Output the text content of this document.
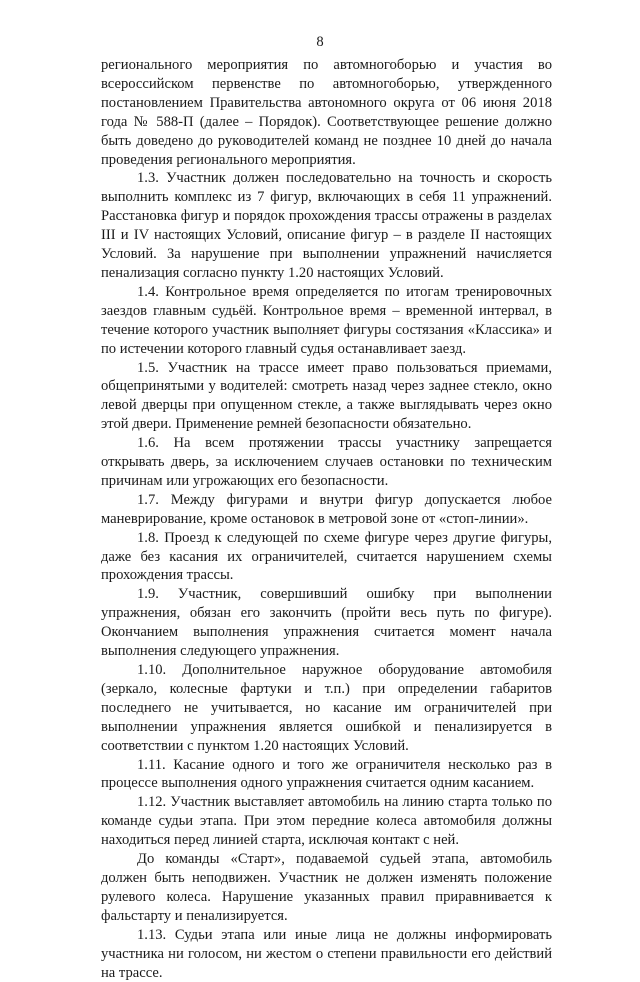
8

регионального мероприятия по автомногоборью и участия во всероссийском первенстве по автомногоборью, утвержденного постановлением Правительства автономного округа от 06 июня 2018 года № 588-П (далее – Порядок). Соответствующее решение должно быть доведено до руководителей команд не позднее 10 дней до начала проведения регионального мероприятия.

1.3. Участник должен последовательно на точность и скорость выполнить комплекс из 7 фигур, включающих в себя 11 упражнений. Расстановка фигур и порядок прохождения трассы отражены в разделах III и IV настоящих Условий, описание фигур – в разделе II настоящих Условий. За нарушение при выполнении упражнений начисляется пенализация согласно пункту 1.20 настоящих Условий.

1.4. Контрольное время определяется по итогам тренировочных заездов главным судьёй. Контрольное время – временной интервал, в течение которого участник выполняет фигуры состязания «Классика» и по истечении которого главный судья останавливает заезд.

1.5. Участник на трассе имеет право пользоваться приемами, общепринятыми у водителей: смотреть назад через заднее стекло, окно левой дверцы при опущенном стекле, а также выглядывать через окно этой двери. Применение ремней безопасности обязательно.

1.6. На всем протяжении трассы участнику запрещается открывать дверь, за исключением случаев остановки по техническим причинам или угрожающих его безопасности.

1.7. Между фигурами и внутри фигур допускается любое маневрирование, кроме остановок в метровой зоне от «стоп-линии».

1.8. Проезд к следующей по схеме фигуре через другие фигуры, даже без касания их ограничителей, считается нарушением схемы прохождения трассы.

1.9. Участник, совершивший ошибку при выполнении упражнения, обязан его закончить (пройти весь путь по фигуре). Окончанием выполнения упражнения считается момент начала выполнения следующего упражнения.

1.10. Дополнительное наружное оборудование автомобиля (зеркало, колесные фартуки и т.п.) при определении габаритов последнего не учитывается, но касание им ограничителей при выполнении упражнения является ошибкой и пенализируется в соответствии с пунктом 1.20 настоящих Условий.

1.11. Касание одного и того же ограничителя несколько раз в процессе выполнения одного упражнения считается одним касанием.

1.12. Участник выставляет автомобиль на линию старта только по команде судьи этапа. При этом передние колеса автомобиля должны находиться перед линией старта, исключая контакт с ней.

До команды «Старт», подаваемой судьей этапа, автомобиль должен быть неподвижен. Участник не должен изменять положение рулевого колеса. Нарушение указанных правил приравнивается к фальстарту и пенализируется.

1.13. Судьи этапа или иные лица не должны информировать участника ни голосом, ни жестом о степени правильности его действий на трассе.
